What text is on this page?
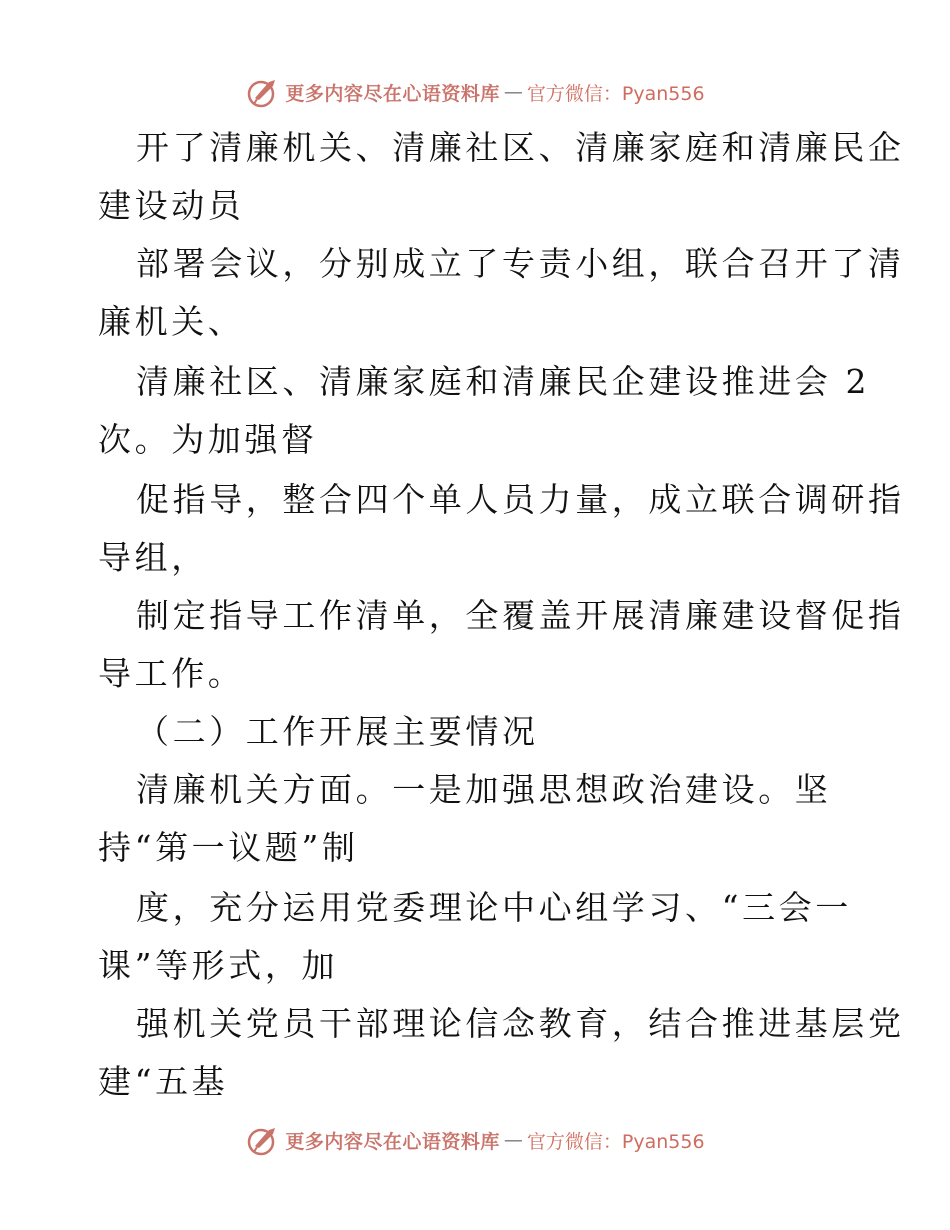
更多内容尽在心语资料库 — 官方微信：Pyan556

开了清廉机关、清廉社区、清廉家庭和清廉民企

建设动员

部署会议，分别成立了专责小组，联合召开了清

廉机关、

清廉社区、清廉家庭和清廉民企建设推进会 2

次。为加强督

促指导，整合四个单人员力量，成立联合调研指

导组，

制定指导工作清单，全覆盖开展清廉建设督促指

导工作。

（二）工作开展主要情况

清廉机关方面。一是加强思想政治建设。坚

持“第一议题”制

度，充分运用党委理论中心组学习、“三会一

课”等形式，加

强机关党员干部理论信念教育，结合推进基层党

建“五基

更多内容尽在心语资料库 — 官方微信：Pyan556
